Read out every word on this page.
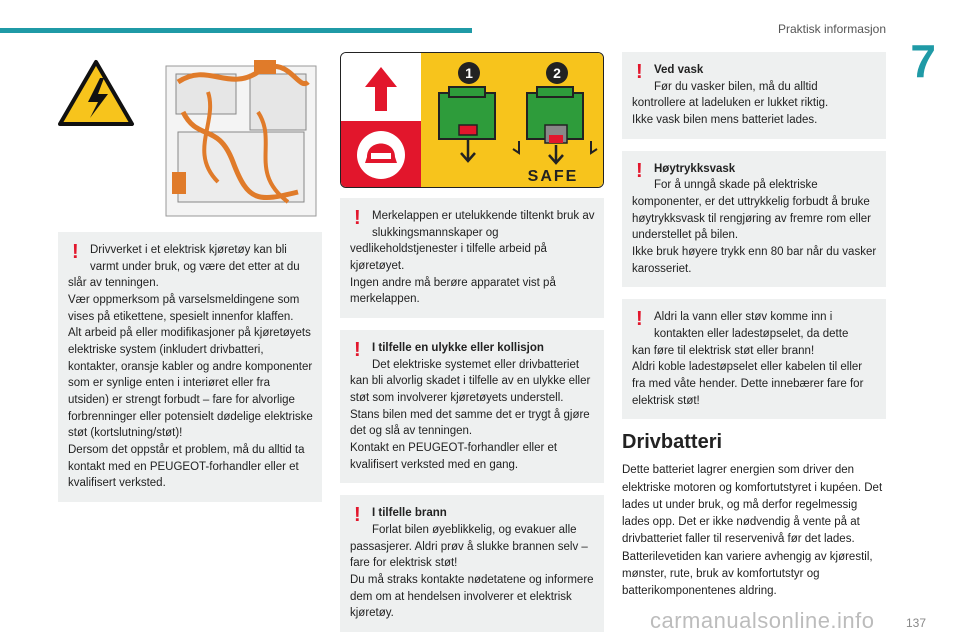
Praktisk informasjon
7
! Drivverket i et elektrisk kjøretøy kan bli varmt under bruk, og være det etter at du
slår av tenningen.
Vær oppmerksom på varselsmeldingene som vises på etikettene, spesielt innenfor klaffen.
Alt arbeid på eller modifikasjoner på kjøretøyets elektriske system (inkludert drivbatteri, kontakter, oransje kabler og andre komponenter som er synlige enten i interiøret eller fra utsiden) er strengt forbudt – fare for alvorlige forbrenninger eller potensielt dødelige elektriske støt (kortslutning/støt)!
Dersom det oppstår et problem, må du alltid ta kontakt med en PEUGEOT-forhandler eller et kvalifisert verksted.
1	2
SAFE
! Merkelappen er utelukkende tiltenkt bruk av slukkingsmannskaper og
vedlikeholdstjenester i tilfelle arbeid på kjøretøyet.
Ingen andre må berøre apparatet vist på merkelappen.
! I tilfelle en ulykke eller kollisjon
Det elektriske systemet eller drivbatteriet
kan bli alvorlig skadet i tilfelle av en ulykke eller støt som involverer kjøretøyets understell.
Stans bilen med det samme det er trygt å gjøre det og slå av tenningen.
Kontakt en PEUGEOT-forhandler eller et kvalifisert verksted med en gang.
! I tilfelle brann
Forlat bilen øyeblikkelig, og evakuer alle
passasjerer. Aldri prøv å slukke brannen selv – fare for elektrisk støt!
Du må straks kontakte nødetatene og informere dem om at hendelsen involverer et elektrisk kjøretøy.
! Ved vask
Før du vasker bilen, må du alltid
kontrollere at ladeluken er lukket riktig.
Ikke vask bilen mens batteriet lades.
! Høytrykksvask
For å unngå skade på elektriske
komponenter, er det uttrykkelig forbudt å bruke høytrykksvask til rengjøring av fremre rom eller understellet på bilen.
Ikke bruk høyere trykk enn 80 bar når du vasker karosseriet.
! Aldri la vann eller støv komme inn i kontakten eller ladestøpselet, da dette
kan føre til elektrisk støt eller brann!
Aldri koble ladestøpselet eller kabelen til eller fra med våte hender. Dette innebærer fare for elektrisk støt!
Drivbatteri
Dette batteriet lagrer energien som driver den elektriske motoren og komfortutstyret i kupéen. Det lades ut under bruk, og må derfor regelmessig lades opp. Det er ikke nødvendig å vente på at drivbatteriet faller til reservenivå før det lades.
Batterilevetiden kan variere avhengig av kjørestil, mønster, rute, bruk av komfortutstyr og batterikomponentenes aldring.
carmanualsonline.info	137
